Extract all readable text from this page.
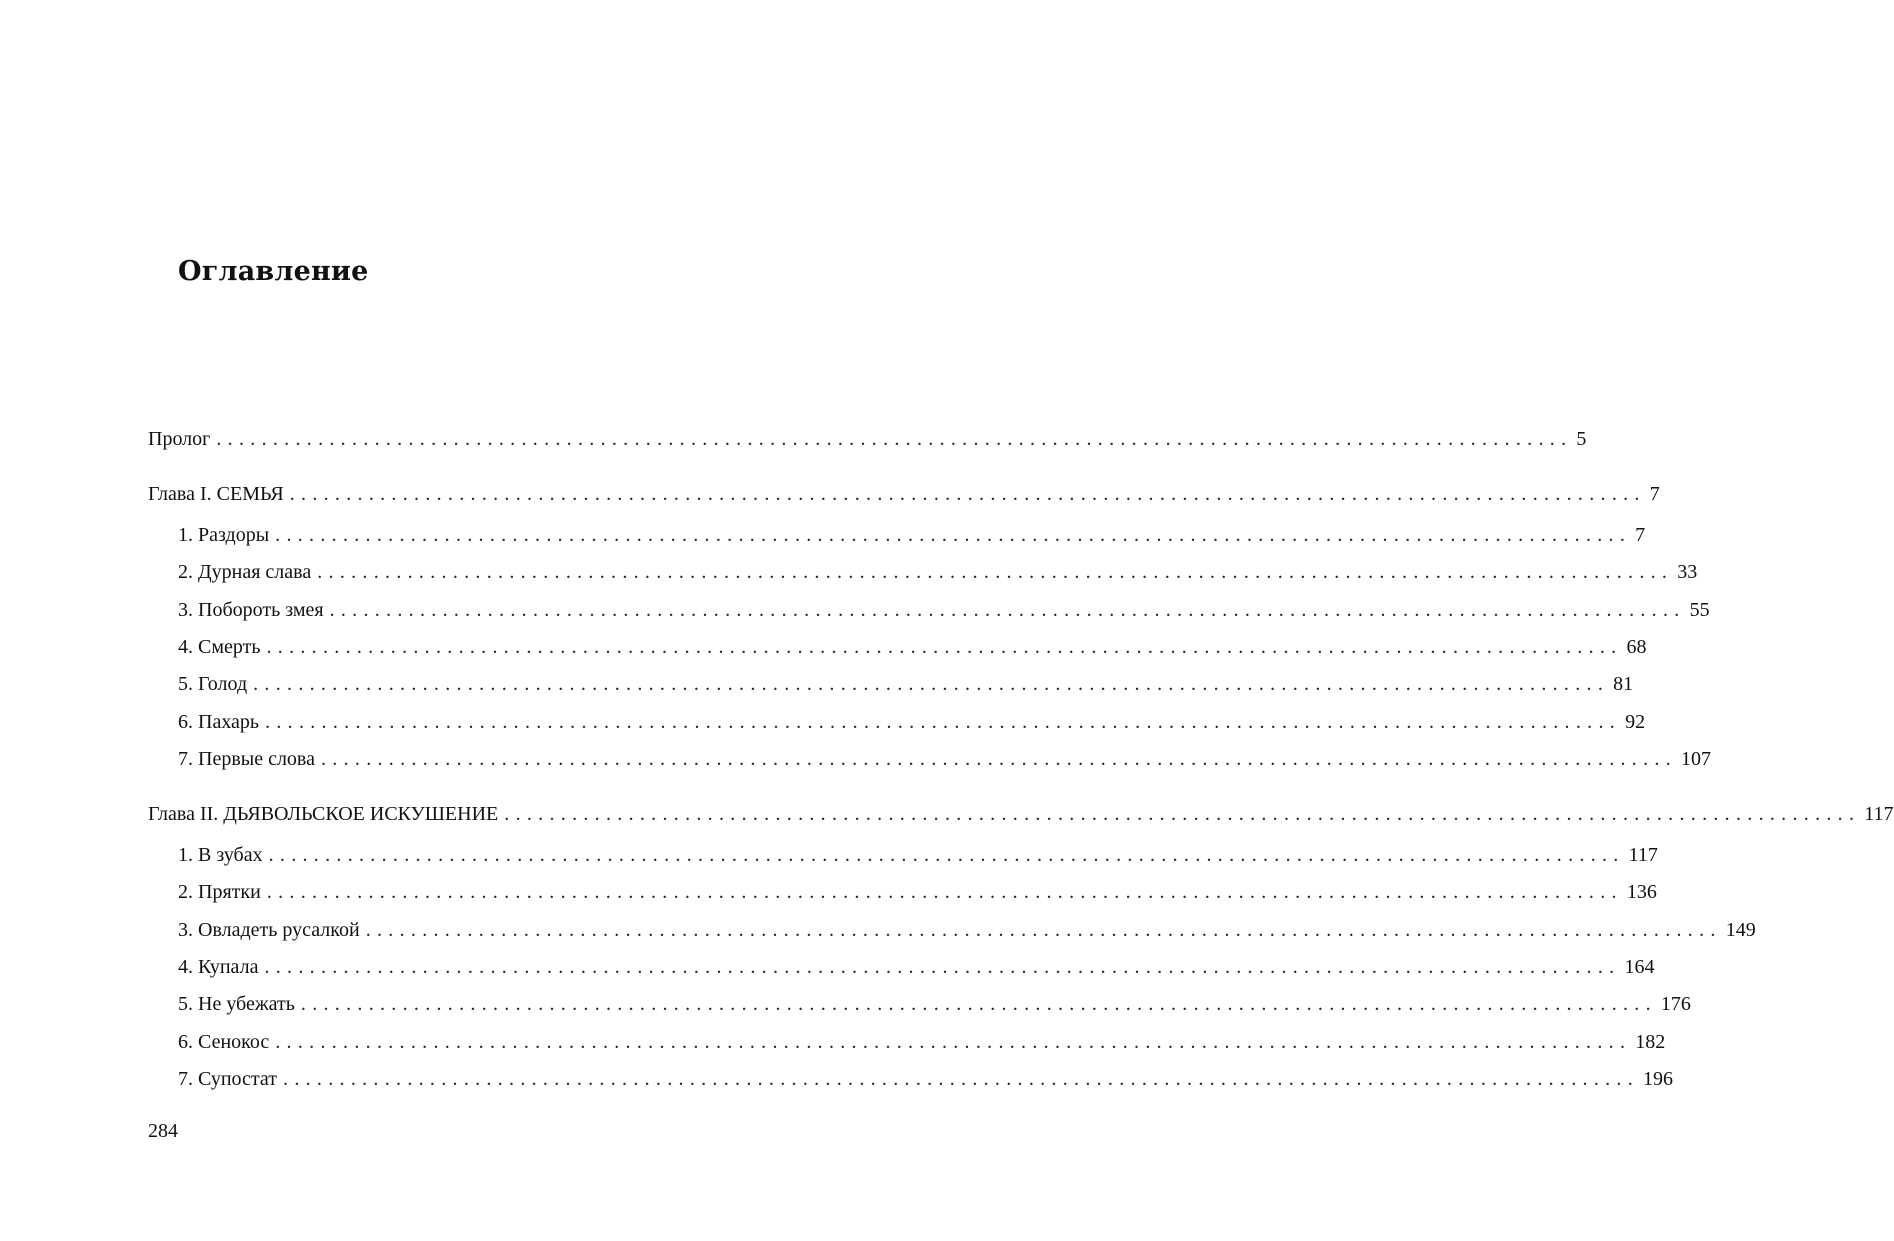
Оглавление
Пролог ........................................................................................................................ 5
Глава I. СЕМЬЯ ........................................................................................................................ 7
1. Раздоры ........................................................................................................................ 7
2. Дурная слава ........................................................................................................................ 33
3. Побороть змея ........................................................................................................................ 55
4. Смерть ........................................................................................................................ 68
5. Голод ........................................................................................................................ 81
6. Пахарь ........................................................................................................................ 92
7. Первые слова ........................................................................................................................ 107
Глава II. ДЬЯВОЛЬСКОЕ ИСКУШЕНИЕ ........................................................................................................................ 117
1. В зубах ........................................................................................................................ 117
2. Прятки ........................................................................................................................ 136
3. Овладеть русалкой ........................................................................................................................ 149
4. Купала ........................................................................................................................ 164
5. Не убежать ........................................................................................................................ 176
6. Сенокос ........................................................................................................................ 182
7. Супостат ........................................................................................................................ 196
284
